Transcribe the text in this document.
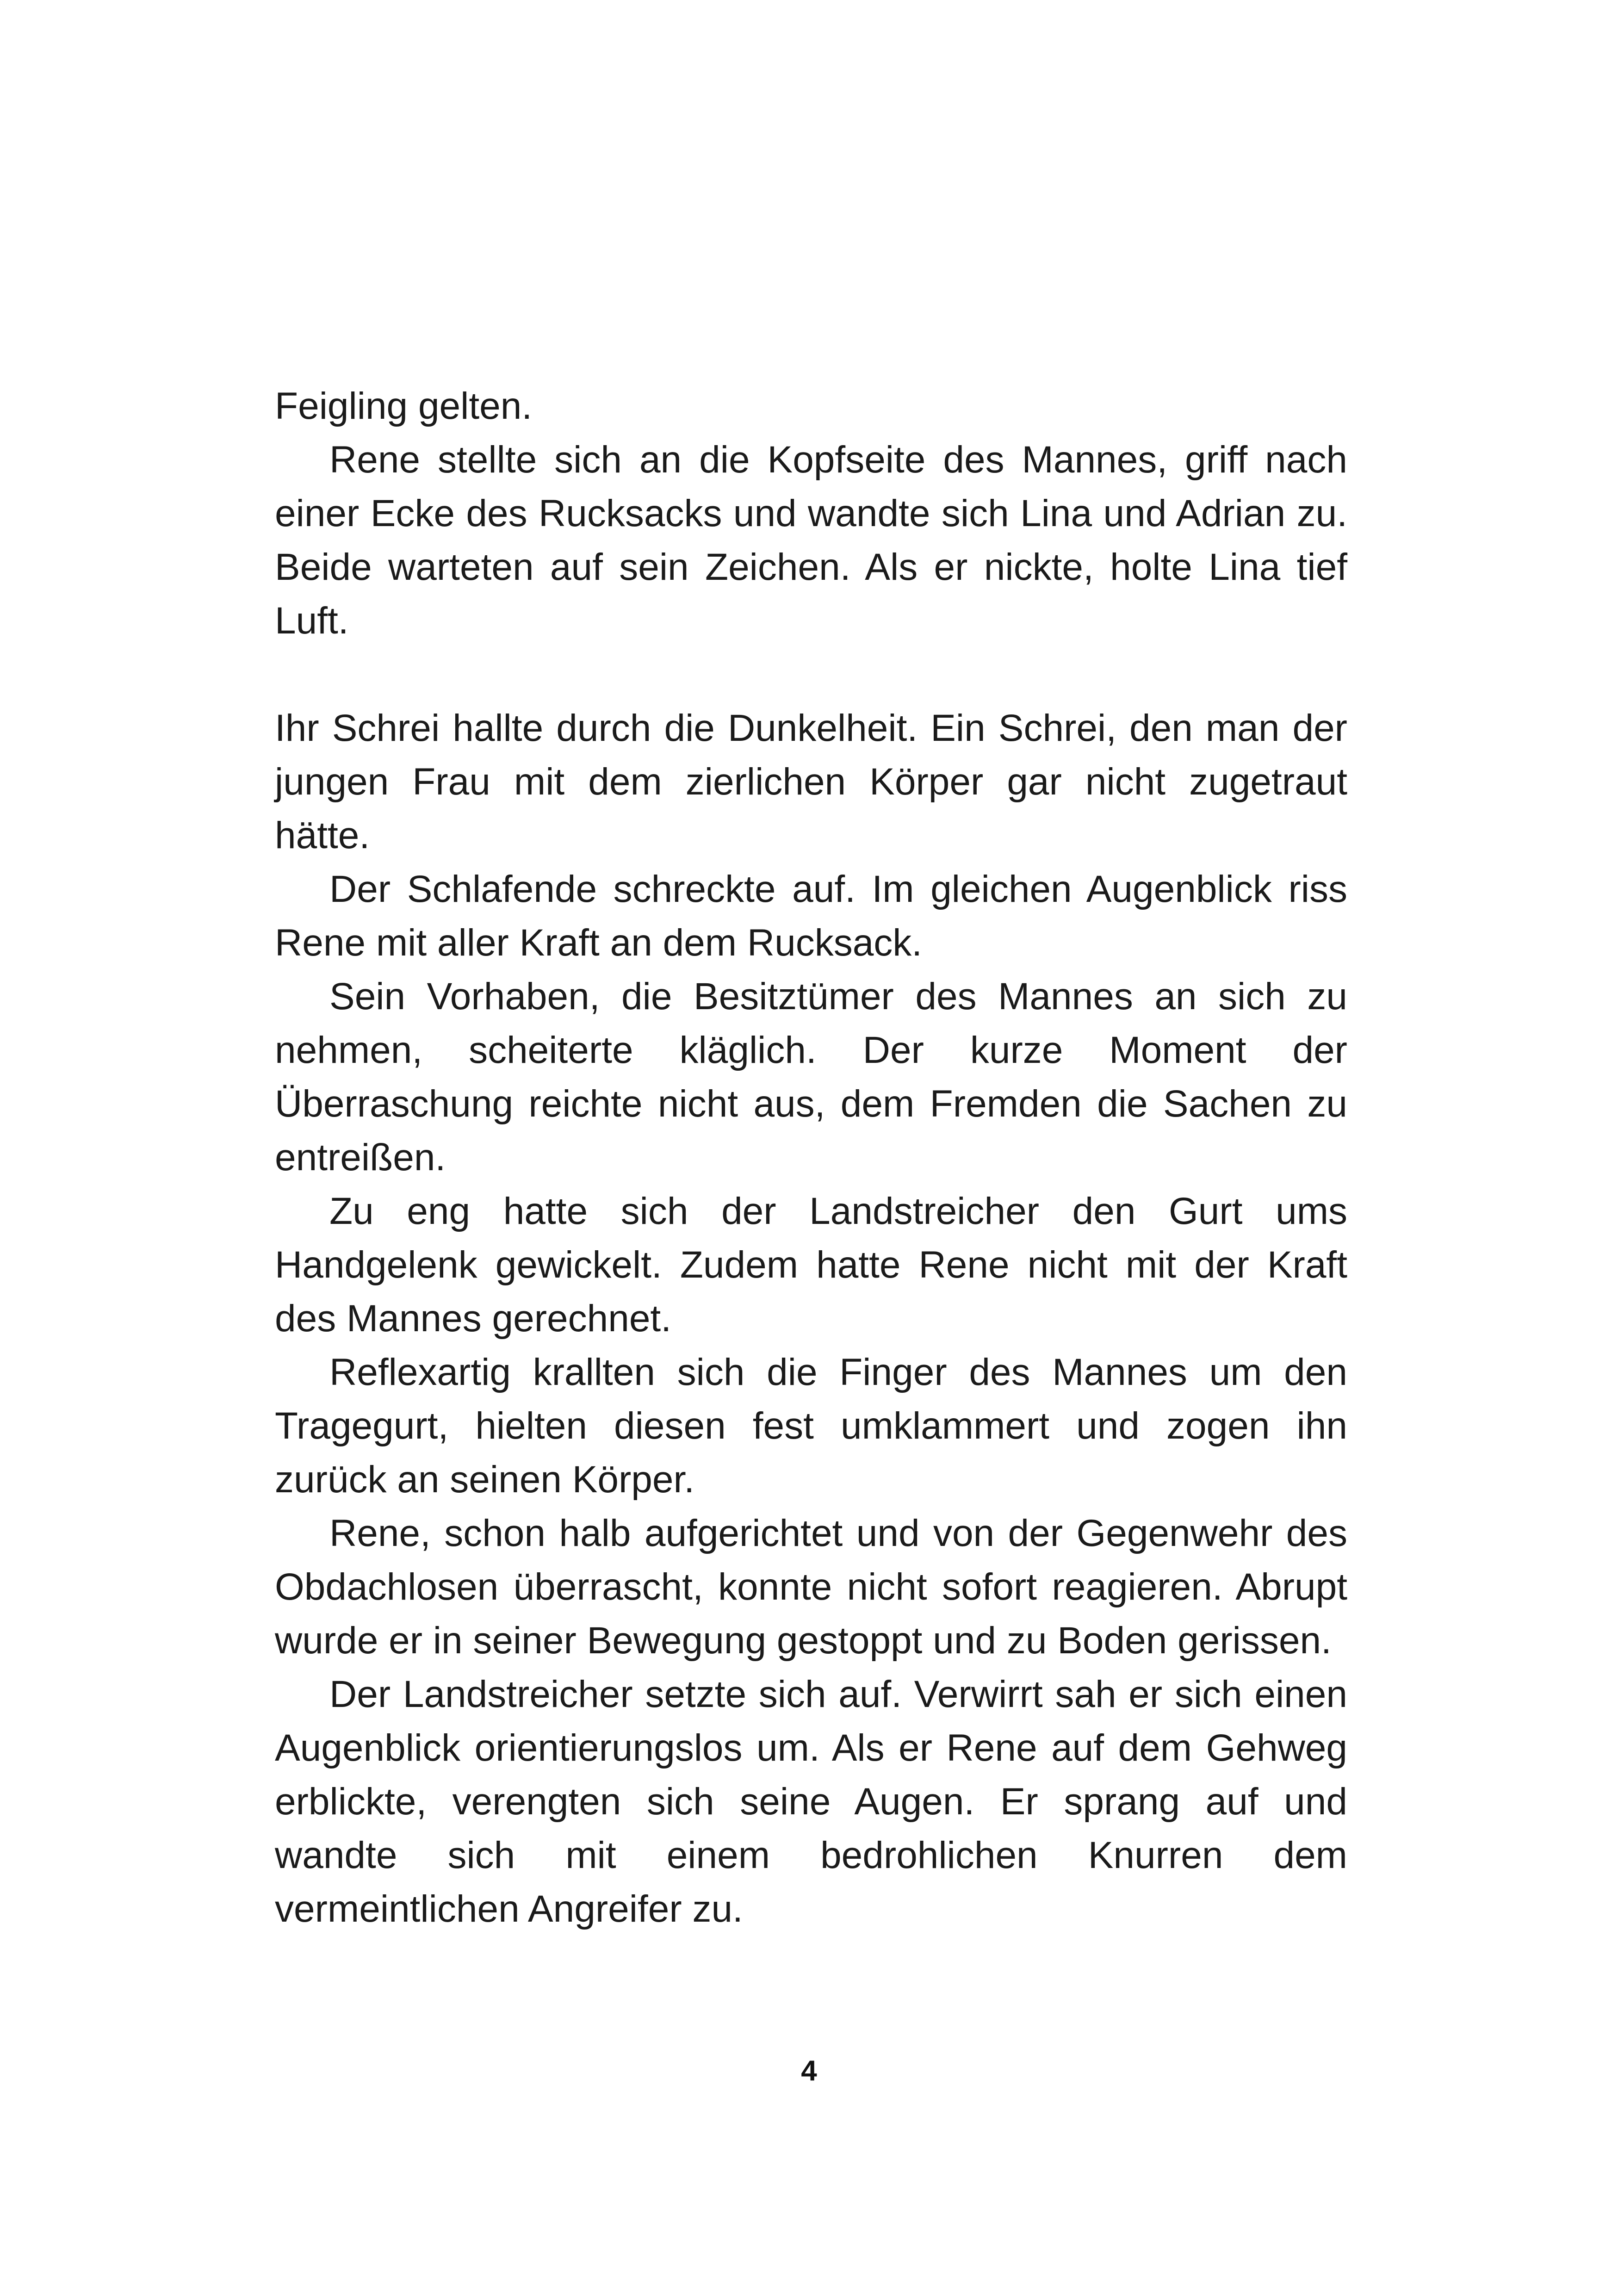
Feigling gelten.

Rene stellte sich an die Kopfseite des Mannes, griff nach einer Ecke des Rucksacks und wandte sich Lina und Adrian zu. Beide warteten auf sein Zeichen. Als er nickte, holte Lina tief Luft.

Ihr Schrei hallte durch die Dunkelheit. Ein Schrei, den man der jungen Frau mit dem zierlichen Körper gar nicht zugetraut hätte.

Der Schlafende schreckte auf. Im gleichen Augenblick riss Rene mit aller Kraft an dem Rucksack.

Sein Vorhaben, die Besitztümer des Mannes an sich zu nehmen, scheiterte kläglich. Der kurze Moment der Überraschung reichte nicht aus, dem Fremden die Sachen zu entreißen.

Zu eng hatte sich der Landstreicher den Gurt ums Handgelenk gewickelt. Zudem hatte Rene nicht mit der Kraft des Mannes gerechnet.

Reflexartig krallten sich die Finger des Mannes um den Tragegurt, hielten diesen fest umklammert und zogen ihn zurück an seinen Körper.

Rene, schon halb aufgerichtet und von der Gegenwehr des Obdachlosen überrascht, konnte nicht sofort reagieren. Abrupt wurde er in seiner Bewegung gestoppt und zu Boden gerissen.

Der Landstreicher setzte sich auf. Verwirrt sah er sich einen Augenblick orientierungslos um. Als er Rene auf dem Gehweg erblickte, verengten sich seine Augen. Er sprang auf und wandte sich mit einem bedrohlichen Knurren dem vermeintlichen Angreifer zu.

4
